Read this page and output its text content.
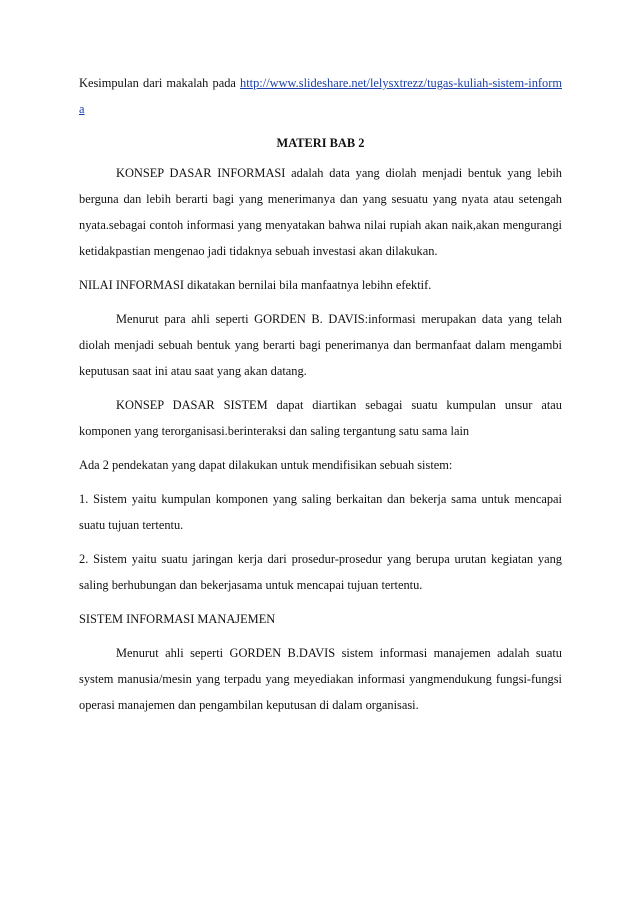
Kesimpulan dari makalah pada http://www.slideshare.net/lelysxtrezz/tugas-kuliah-sistem-informa

MATERI BAB 2

KONSEP DASAR INFORMASI adalah data yang diolah menjadi bentuk yang lebih berguna dan lebih berarti bagi yang menerimanya dan yang sesuatu yang nyata atau setengah nyata.sebagai contoh informasi yang menyatakan bahwa nilai rupiah akan naik,akan mengurangi ketidakpastian mengenao jadi tidaknya sebuah investasi akan dilakukan.

NILAI INFORMASI dikatakan bernilai bila manfaatnya lebihn efektif.

Menurut para ahli seperti GORDEN B. DAVIS:informasi merupakan data yang telah diolah menjadi sebuah bentuk yang berarti bagi penerimanya dan bermanfaat dalam mengambi keputusan saat ini atau saat yang akan datang.

KONSEP DASAR SISTEM dapat diartikan sebagai suatu kumpulan unsur atau komponen yang terorganisasi.berinteraksi dan saling tergantung satu sama lain

Ada 2 pendekatan yang dapat dilakukan untuk mendifisikan sebuah sistem:

1. Sistem yaitu kumpulan komponen yang saling berkaitan dan bekerja sama untuk mencapai suatu tujuan tertentu.

2. Sistem yaitu suatu jaringan kerja dari prosedur-prosedur yang berupa urutan kegiatan yang saling berhubungan dan bekerjasama untuk mencapai tujuan tertentu.

SISTEM INFORMASI MANAJEMEN

Menurut ahli seperti GORDEN B.DAVIS sistem informasi manajemen adalah suatu system manusia/mesin yang terpadu yang meyediakan informasi yangmendukung fungsi-fungsi operasi manajemen dan pengambilan keputusan di dalam organisasi.
